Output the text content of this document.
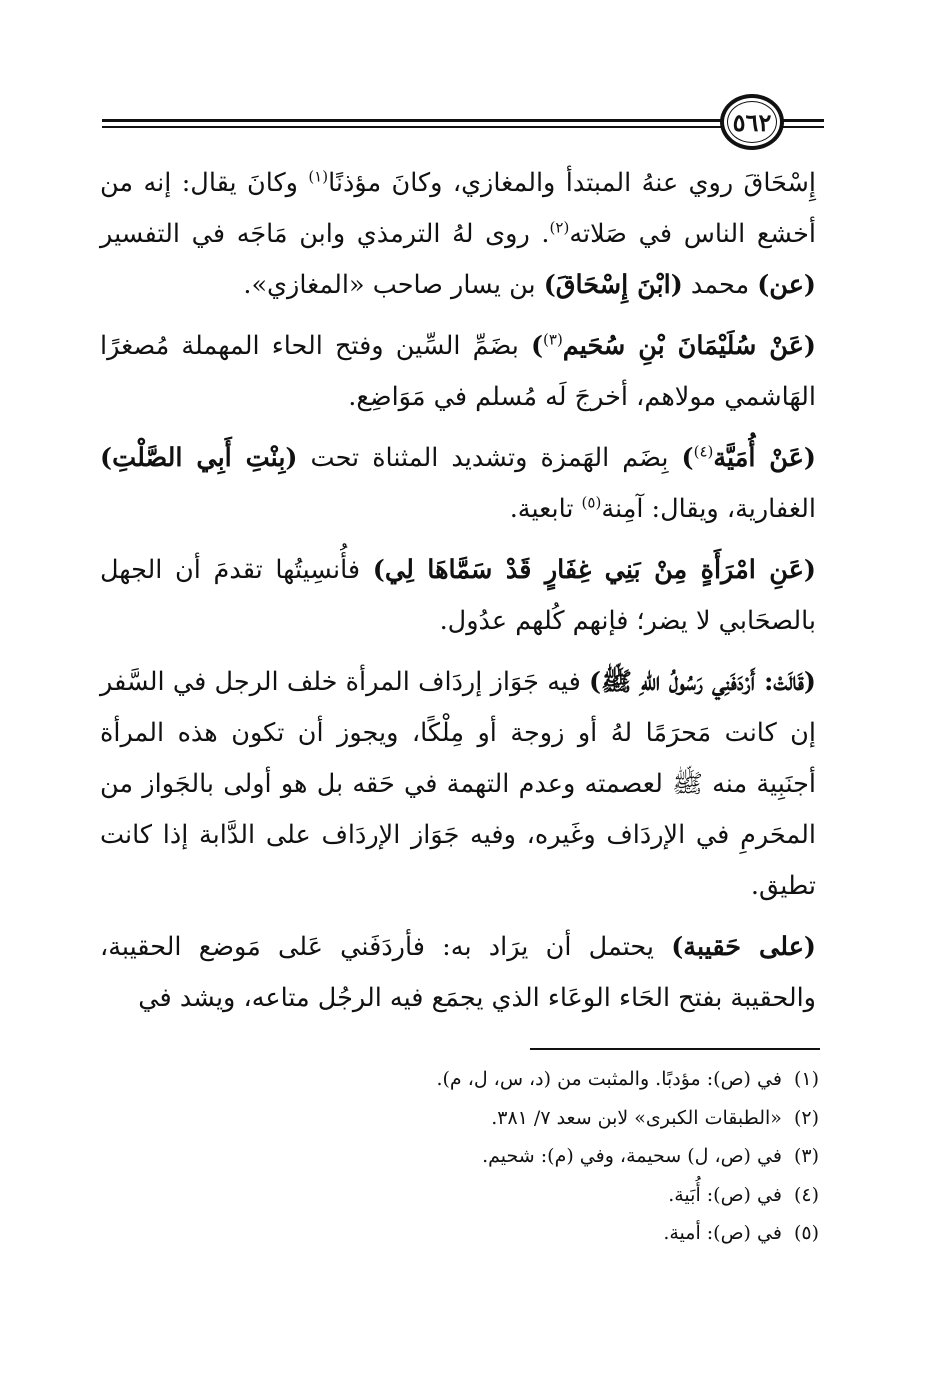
٥٦٢

إِسْحَاقَ روي عنهُ المبتدأ والمغازي، وكانَ مؤذنًا$^{(١)}$ وكانَ يقال: إنه من أخشع الناس في صَلاته$^{(٢)}$. روى لهُ الترمذي وابن مَاجَه في التفسير (عن) محمد (ابْنَ إِسْحَاقَ) بن يسار صاحب «المغازي».

(عَنْ سُلَيْمَانَ بْنِ سُحَيم$^{(٣)}$) بضَمِّ السِّين وفتح الحاء المهملة مُصغرًا الهَاشمي مولاهم، أخرجَ لَه مُسلم في مَوَاضِع.

(عَنْ أُمَيَّة$^{(٤)}$) بِضَم الهَمزة وتشديد المثناة تحت (بِنْتِ أَبِي الصَّلْتِ) الغفارية، ويقال: آمِنة$^{(٥)}$ تابعية.

(عَنِ امْرَأَةٍ مِنْ بَنِي غِفَارٍ قَدْ سَمَّاهَا لِي) فأُنسِيتُها تقدمَ أن الجهل بالصحَابي لا يضر؛ فإنهم كُلهم عدُول.

(قَالَتْ: أَرْدَفَنِي رَسُولُ اللهِ ﷺ) فيه جَوَاز إردَاف المرأة خلف الرجل في السَّفر إن كانت مَحرَمًا لهُ أو زوجة أو مِلْكًا، ويجوز أن تكون هذه المرأة أجنَبِية منه ﷺ لعصمته وعدم التهمة في حَقه بل هو أولى بالجَواز من المحَرمِ في الإردَاف وغَيره، وفيه جَوَاز الإردَاف على الدَّابة إذا كانت تطيق.

(على حَقيبة) يحتمل أن يرَاد به: فأردَفَني عَلى مَوضع الحقيبة، والحقيبة بفتح الحَاء الوعَاء الذي يجمَع فيه الرجُل متاعه، ويشد في

(١)في (ص): مؤدبًا. والمثبت من (د، س، ل، م).
(٢)«الطبقات الكبرى» لابن سعد ٧/ ٣٨١.
(٣)في (ص، ل) سحيمة، وفي (م): شحيم.
(٤)في (ص): أُبَية.
(٥)في (ص): أمية.
